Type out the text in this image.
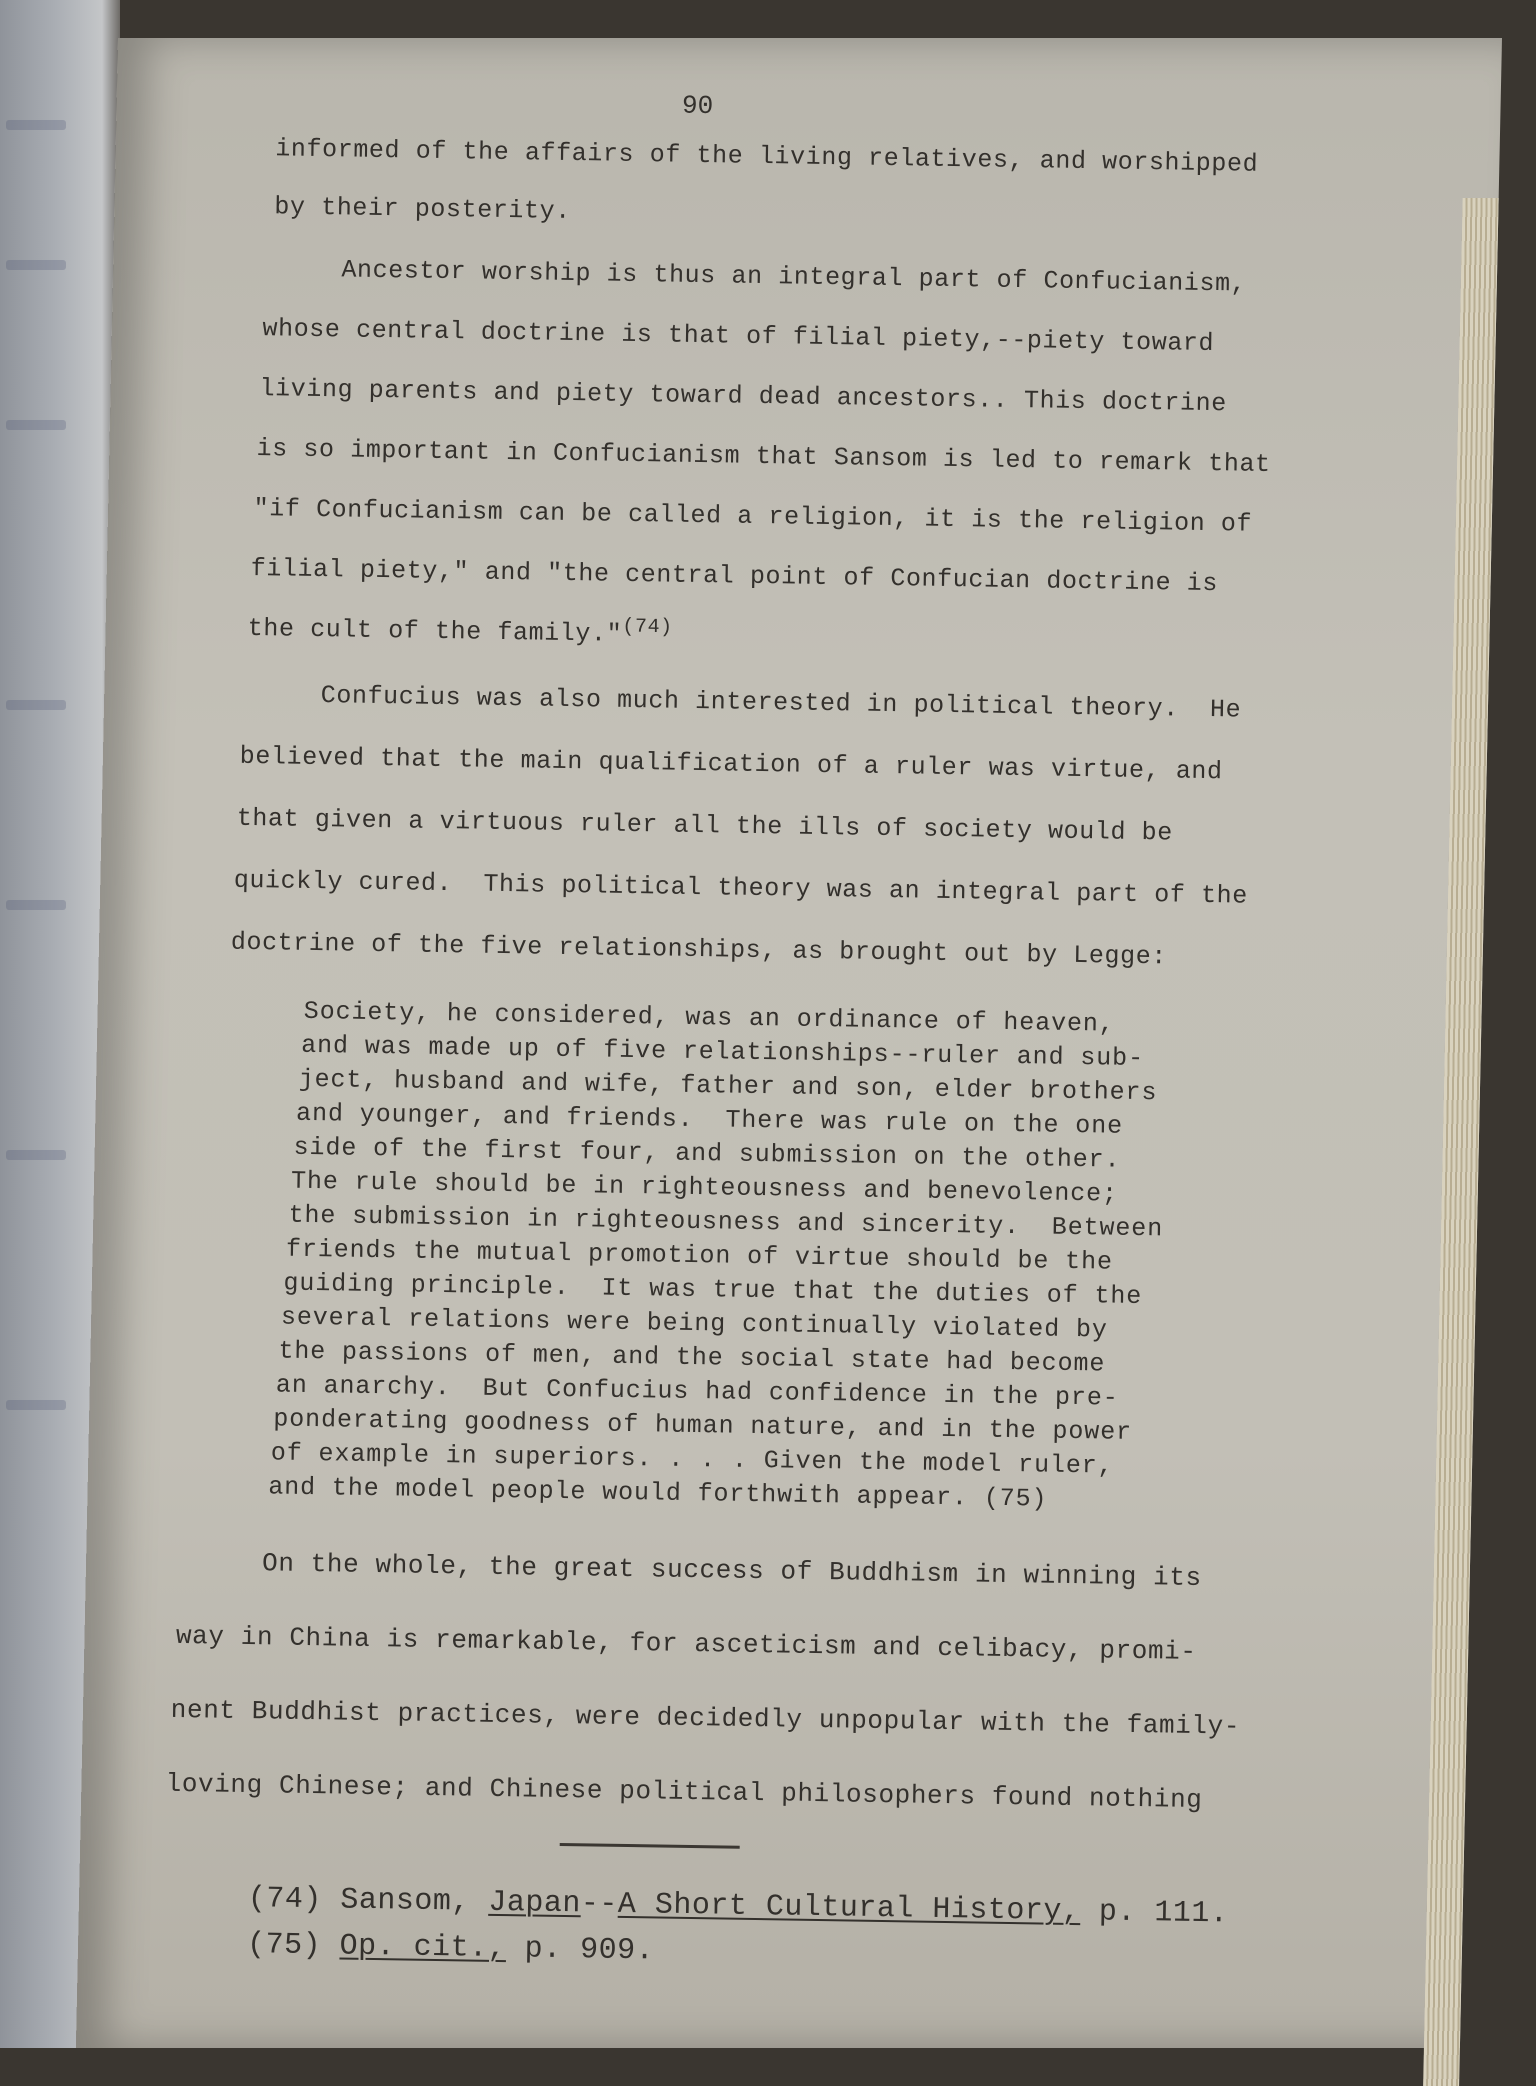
90
informed of the affairs of the living relatives, and worshipped
by their posterity.
Ancestor worship is thus an integral part of Confucianism,
whose central doctrine is that of filial piety,--piety toward
living parents and piety toward dead ancestors.. This doctrine
is so important in Confucianism that Sansom is led to remark that
"if Confucianism can be called a religion, it is the religion of
filial piety," and "the central point of Confucian doctrine is
the cult of the family."$^{(74)}$
Confucius was also much interested in political theory.  He
believed that the main qualification of a ruler was virtue, and
that given a virtuous ruler all the ills of society would be
quickly cured.  This political theory was an integral part of the
doctrine of the five relationships, as brought out by Legge:
Society, he considered, was an ordinance of heaven,
and was made up of five relationships--ruler and sub-
ject, husband and wife, father and son, elder brothers
and younger, and friends.  There was rule on the one
side of the first four, and submission on the other.
The rule should be in righteousness and benevolence;
the submission in righteousness and sincerity.  Between
friends the mutual promotion of virtue should be the
guiding principle.  It was true that the duties of the
several relations were being continually violated by
the passions of men, and the social state had become
an anarchy.  But Confucius had confidence in the pre-
ponderating goodness of human nature, and in the power
of example in superiors. . . . Given the model ruler,
and the model people would forthwith appear. (75)
On the whole, the great success of Buddhism in winning its
way in China is remarkable, for asceticism and celibacy, promi-
nent Buddhist practices, were decidedly unpopular with the family-
loving Chinese; and Chinese political philosophers found nothing
(74) Sansom, Japan--A Short Cultural History, p. 111.
(75) Op. cit., p. 909.
